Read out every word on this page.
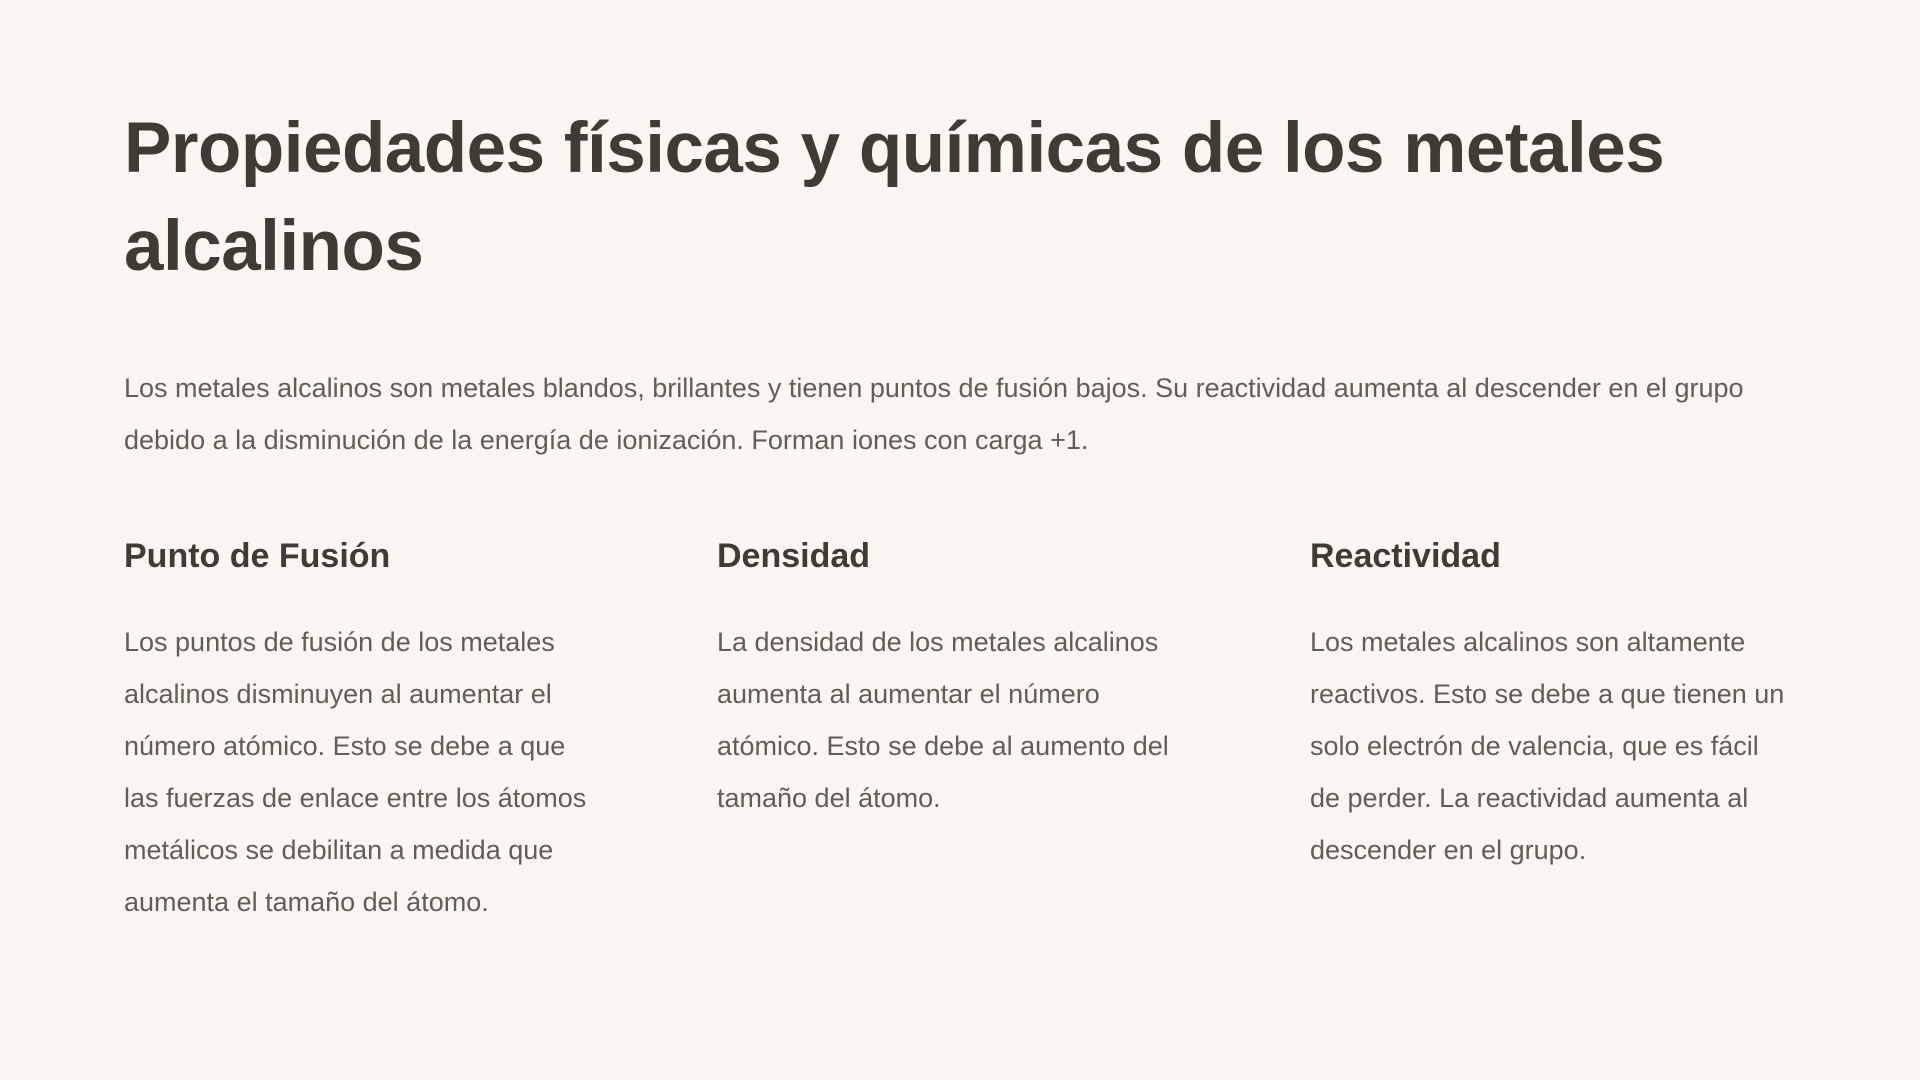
Propiedades físicas y químicas de los metales alcalinos

Los metales alcalinos son metales blandos, brillantes y tienen puntos de fusión bajos. Su reactividad aumenta al descender en el grupo debido a la disminución de la energía de ionización. Forman iones con carga +1.

Punto de Fusión

Los puntos de fusión de los metales alcalinos disminuyen al aumentar el número atómico. Esto se debe a que las fuerzas de enlace entre los átomos metálicos se debilitan a medida que aumenta el tamaño del átomo.

Densidad

La densidad de los metales alcalinos aumenta al aumentar el número atómico. Esto se debe al aumento del tamaño del átomo.

Reactividad

Los metales alcalinos son altamente reactivos. Esto se debe a que tienen un solo electrón de valencia, que es fácil de perder. La reactividad aumenta al descender en el grupo.
